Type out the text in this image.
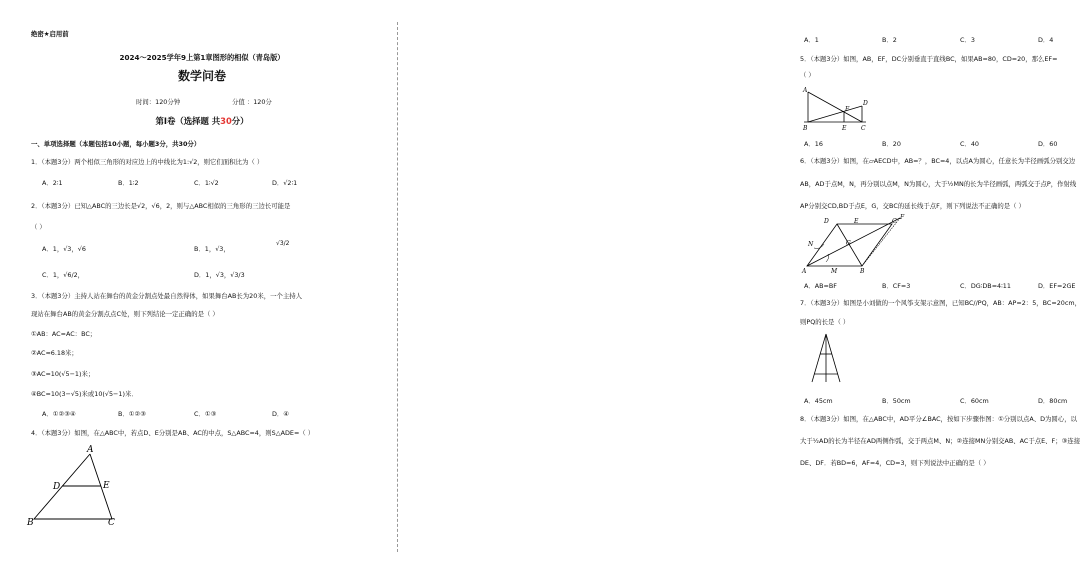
绝密★启用前
2024～2025学年9上第1章图形的相似（青岛版）
数学问卷
时间：120分钟	分值 ：120分
第Ⅰ卷（选择题 共30分）
一、单项选择题（本题包括10小题，每小题3分，共30分）
1．（本题3分）两个相似三角形的对应边上的中线比为1:√2，则它们面积比为（ ）
A．2∶1	B．1∶2	C．1∶√2	D．√2∶1
2．（本题3分）已知△ABC的三边长是√2，√6，2，则与△ABC相似的三角形的三边长可能是
（ ）
A．1，√3，√6	B．1，√3，
√3/2
C．1，√6/2，	D．1，√3，√3/3
3．（本题3分）主持人站在舞台的黄金分割点处最自然得体，如果舞台AB长为20米，一个主持人
现站在舞台AB的黄金分割点点C处，则下列结论一定正确的是（ ）
①AB：AC=AC：BC；
②AC≈6.18米；
③AC=10(√5−1)米；
④BC=10(3−√5)米或10(√5−1)米．
A．①②③④	B．①②③	C．①③	D．④
4．（本题3分）如图，在△ABC中，若点D、E分别是AB、AC的中点，S△ABC=4，则S△ADE=（ ）
A
D	E
B	C
A．1	B．2	C．3	D．4
5．（本题3分）如图，AB，EF，DC分别垂直于直线BC，如果AB=80，CD=20，那么EF=
（ ）
A
D
F
B	E C
A．16	B．20	C．40	D．60
6．（本题3分）如图，在▱AECD中，AB=？，BC=4，以点A为圆心，任意长为半径画弧分别交边
AB，AD于点M，N，再分别以点M，N为圆心，大于½MN的长为半径画弧，两弧交于点P，作射线
AP分别交CD,BD于点E，G，交BC的延长线于点F，则下列说法不正确的是（ ）
D	E	C
F
N	G
A	M	B
A．AB=BF	B．CF=3	C．DG∶DB=4∶11	D．EF=2GE
7．（本题3分）如图是小刘做的一个风筝支架示意图，已知BC//PQ，AB：AP=2：5，BC=20cm，
则PQ的长是（ ）
A．45cm	B．50cm	C．60cm	D．80cm
8．（本题3分）如图，在△ABC中，AD平分∠BAC，按如下步骤作图：①分别以点A、D为圆心，以
大于½AD的长为半径在AD两侧作弧，交于两点M、N；②连接MN分别交AB、AC于点E、F；③连接
DE、DF．若BD=6，AF=4，CD=3，则下列说法中正确的是（ ）
